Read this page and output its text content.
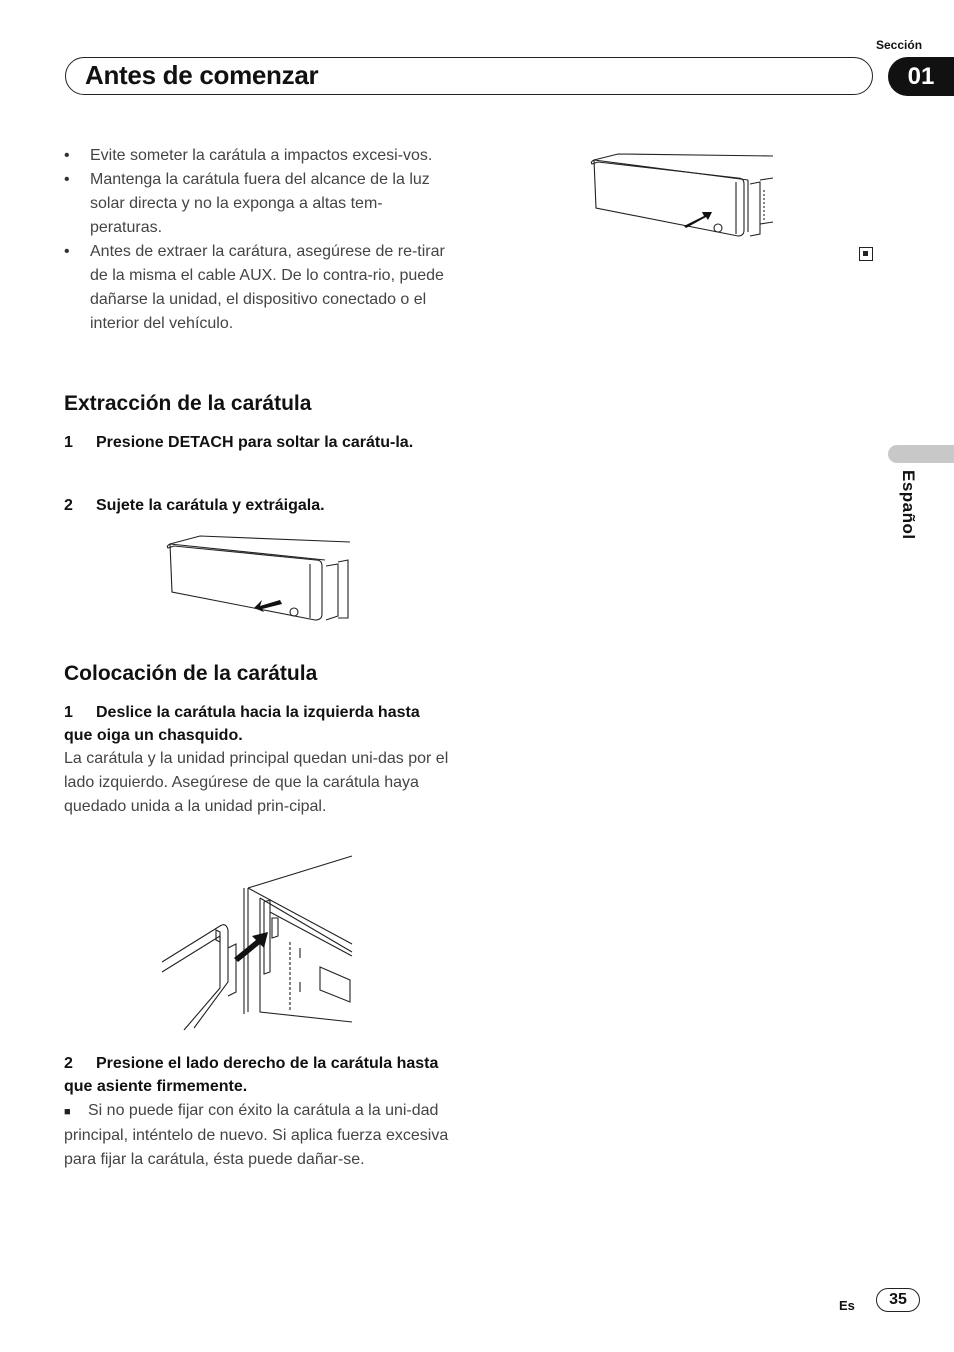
Sección
Antes de comenzar	01
Español
• Evite someter la carátula a impactos excesi-vos.
• Mantenga la carátula fuera del alcance de la luz solar directa y no la exponga a altas tem-peraturas.
• Antes de extraer la carátura, asegúrese de re-tirar de la misma el cable AUX. De lo contra-rio, puede dañarse la unidad, el dispositivo conectado o el interior del vehículo.
Extracción de la carátula
1 Presione DETACH para soltar la carátu-la.
2 Sujete la carátula y extráigala.
Colocación de la carátula
1 Deslice la carátula hacia la izquierda hasta que oiga un chasquido.
La carátula y la unidad principal quedan uni-das por el lado izquierdo. Asegúrese de que la carátula haya quedado unida a la unidad prin-cipal.
2 Presione el lado derecho de la carátula hasta que asiente firmemente.
■ Si no puede fijar con éxito la carátula a la uni-dad principal, inténtelo de nuevo. Si aplica fuerza excesiva para fijar la carátula, ésta puede dañar-se.
Es	35
